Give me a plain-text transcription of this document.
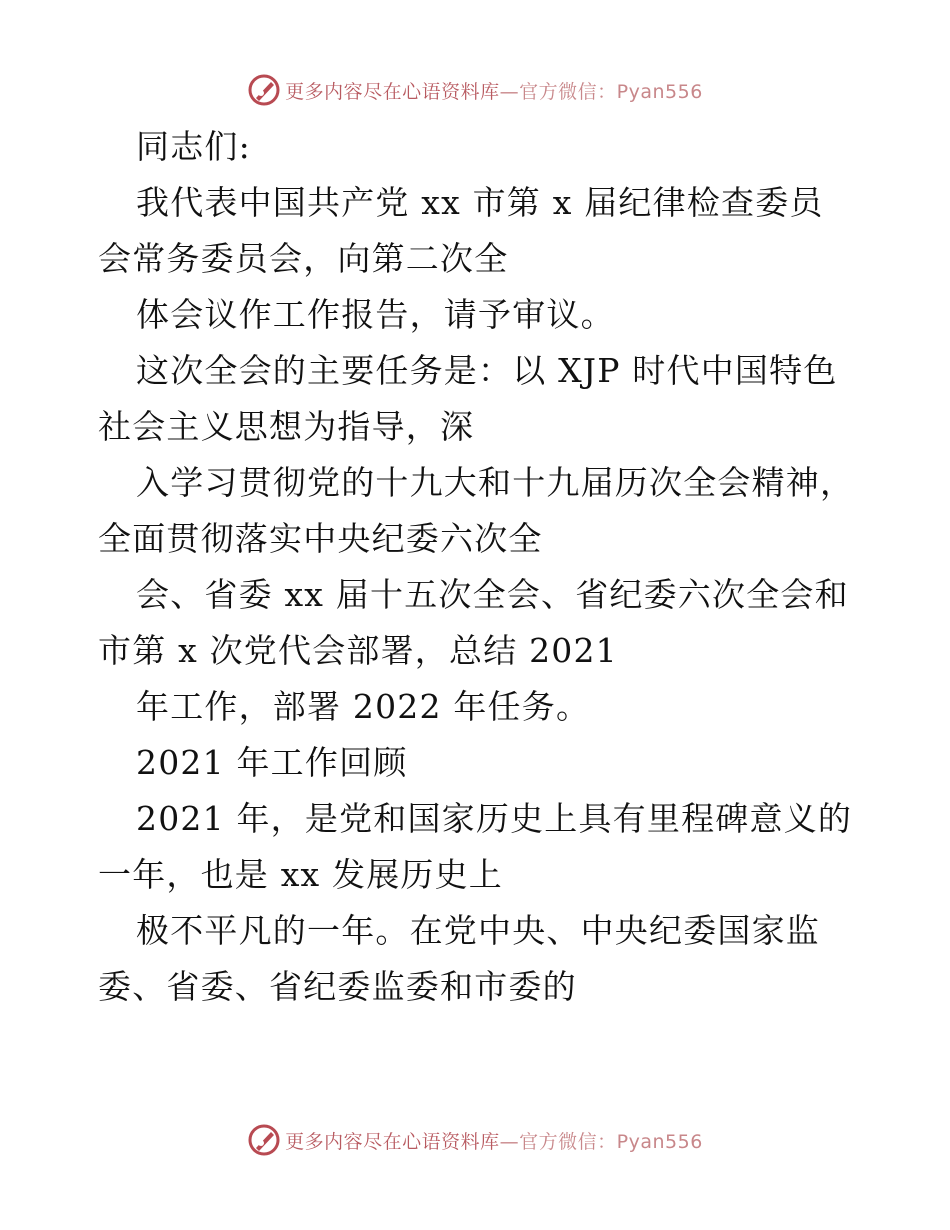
更多内容尽在心语资料库—官方微信：Pyan556
同志们:
我代表中国共产党 xx 市第 x 届纪律检查委员
会常务委员会，向第二次全
体会议作工作报告，请予审议。
这次全会的主要任务是：以 XJP 时代中国特色
社会主义思想为指导，深
入学习贯彻党的十九大和十九届历次全会精神，
全面贯彻落实中央纪委六次全
会、省委 xx 届十五次全会、省纪委六次全会和
市第 x 次党代会部署，总结 2021
年工作，部署 2022 年任务。
2021 年工作回顾
2021 年，是党和国家历史上具有里程碑意义的
一年，也是 xx 发展历史上
极不平凡的一年。在党中央、中央纪委国家监
委、省委、省纪委监委和市委的
更多内容尽在心语资料库—官方微信：Pyan556
